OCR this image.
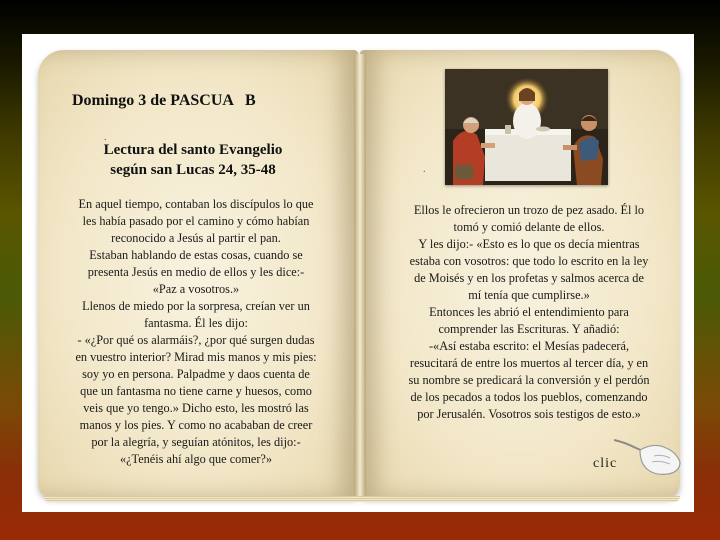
Domingo 3 de PASCUA   B
.
Lectura del santo Evangelio
según san Lucas 24, 35-48
En aquel tiempo, contaban los discípulos lo que
les había pasado por el camino y cómo habían
reconocido a Jesús al partir el pan.
Estaban hablando de estas cosas, cuando se
presenta Jesús en medio de ellos y les dice:-
«Paz a vosotros.»
Llenos de miedo por la sorpresa, creían ver un
fantasma. Él les dijo:
- «¿Por qué os alarmáis?, ¿por qué surgen dudas
en vuestro interior? Mirad mis manos y mis pies:
soy yo en persona. Palpadme y daos cuenta de
que un fantasma no tiene carne y huesos, como
veis que yo tengo.» Dicho esto, les mostró las
manos y los pies. Y como no acababan de creer
por la alegría, y seguían atónitos, les dijo:-
«¿Tenéis ahí algo que comer?»
.
Ellos le ofrecieron un trozo de pez asado. Él lo
tomó y comió delante de ellos.
Y les dijo:- «Esto es lo que os decía mientras
estaba con vosotros: que todo lo escrito en la ley
de Moisés y en los profetas y salmos acerca de
mí tenía que cumplirse.»
Entonces les abrió el entendimiento para
comprender las Escrituras. Y añadió:
-«Así estaba escrito: el Mesías padecerá,
resucitará de entre los muertos al tercer día, y en
su nombre se predicará la conversión y el perdón
de los pecados a todos los pueblos, comenzando
por Jerusalén. Vosotros sois testigos de esto.»
clic
